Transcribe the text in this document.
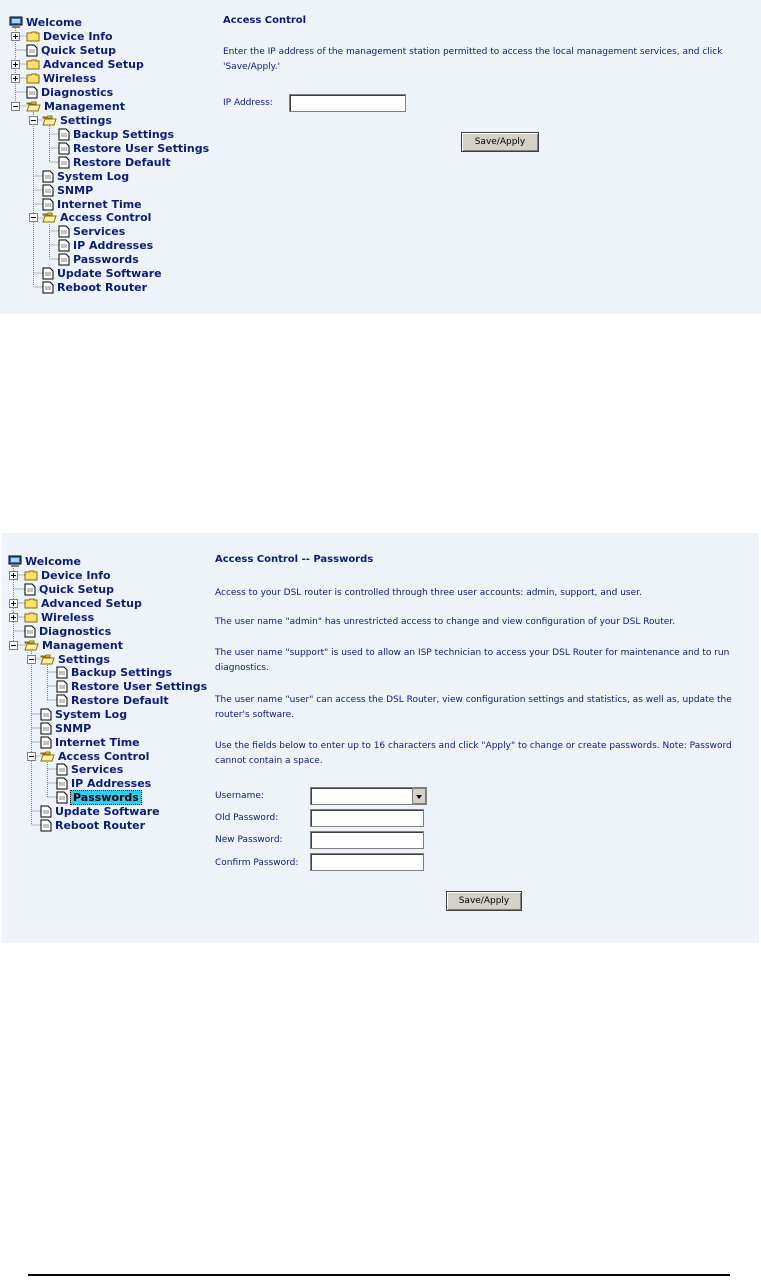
Welcome
Device Info
Quick Setup
Advanced Setup
Wireless
Diagnostics
Management
Settings
Backup Settings
Restore User Settings
Restore Default
System Log
SNMP
Internet Time
Access Control
Services
IP Addresses
Passwords
Update Software
Reboot Router
Access Control
Enter the IP address of the management station permitted to access the local management services, and click
'Save/Apply.'
IP Address:
Save/Apply
Welcome
Device Info
Quick Setup
Advanced Setup
Wireless
Diagnostics
Management
Settings
Backup Settings
Restore User Settings
Restore Default
System Log
SNMP
Internet Time
Access Control
Services
IP Addresses
Passwords
Update Software
Reboot Router
Access Control -- Passwords
Access to your DSL router is controlled through three user accounts: admin, support, and user.
The user name "admin" has unrestricted access to change and view configuration of your DSL Router.
The user name "support" is used to allow an ISP technician to access your DSL Router for maintenance and to run
diagnostics.
The user name "user" can access the DSL Router, view configuration settings and statistics, as well as, update the
router's software.
Use the fields below to enter up to 16 characters and click "Apply" to change or create passwords. Note: Password
cannot contain a space.
Username:
Old Password:
New Password:
Confirm Password:
Save/Apply
